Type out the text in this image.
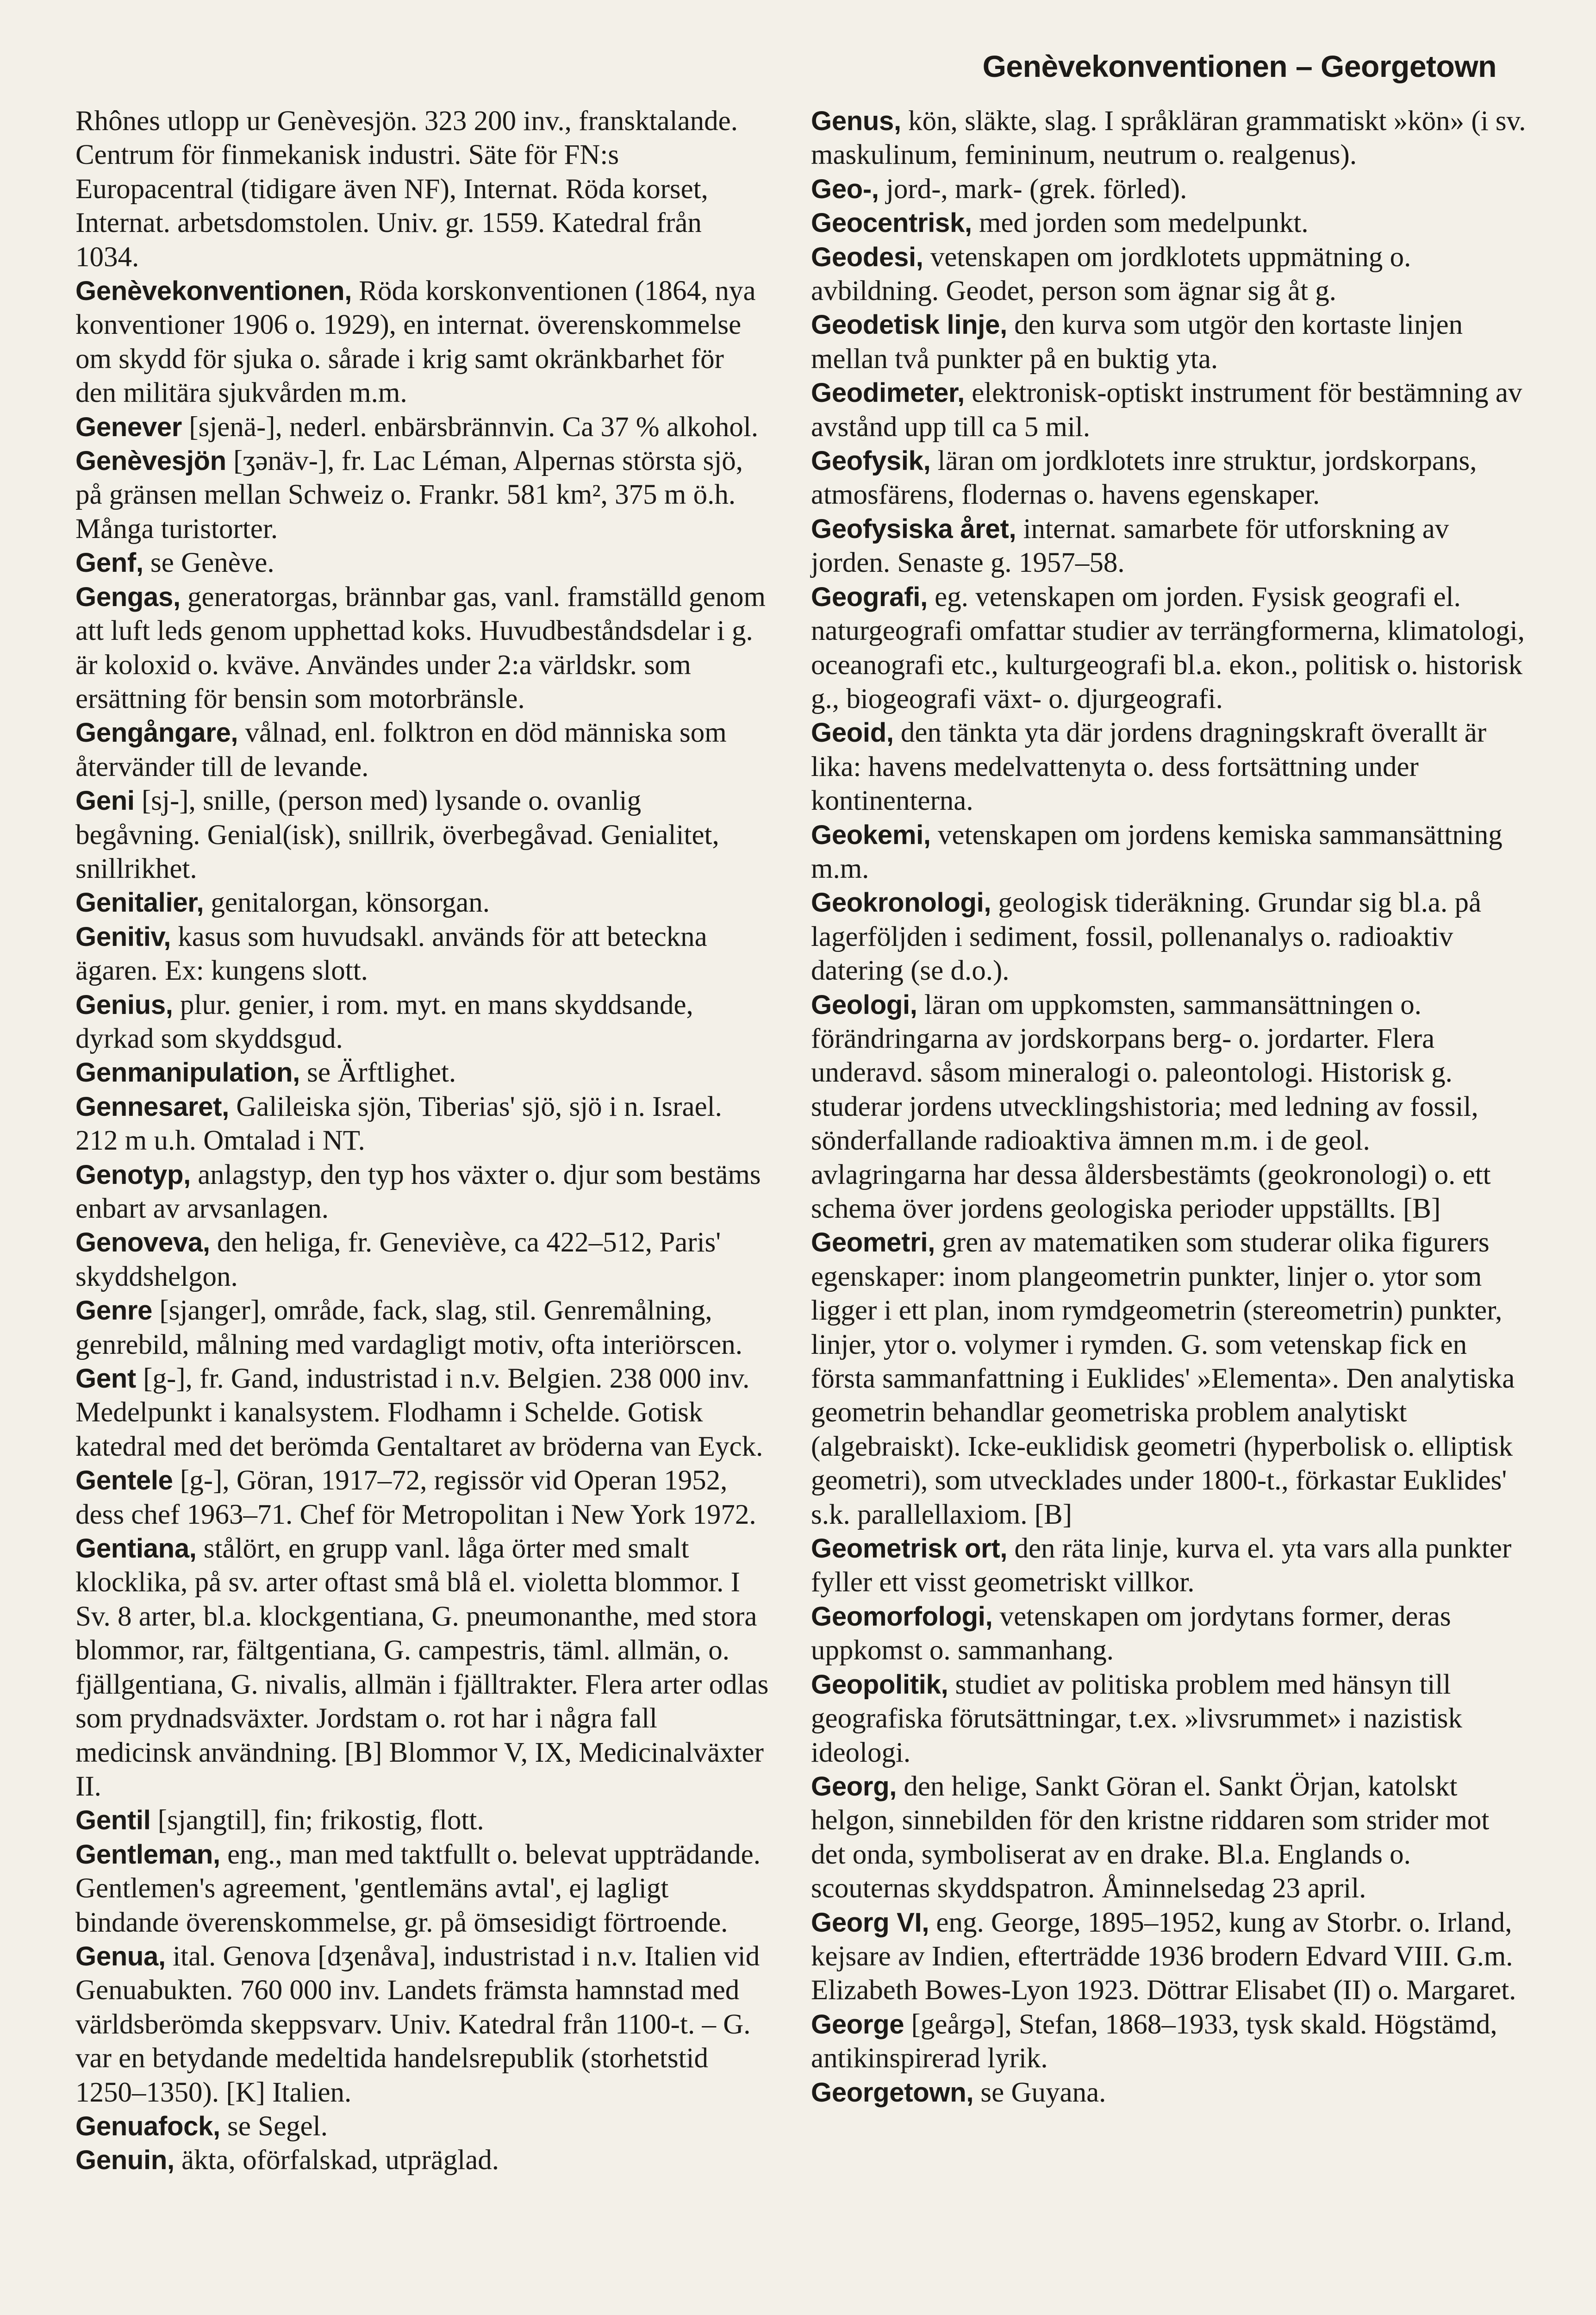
Genèvekonventionen – Georgetown

Rhônes utlopp ur Genèvesjön. 323 200 inv., fransktalande. Centrum för finmekanisk industri. Säte för FN:s Europacentral (tidigare även NF), Internat. Röda korset, Internat. arbetsdomstolen. Univ. gr. 1559. Katedral från 1034.

Genèvekonventionen, Röda korskonventionen (1864, nya konventioner 1906 o. 1929), en internat. överenskommelse om skydd för sjuka o. sårade i krig samt okränkbarhet för den militära sjukvården m.m.

Genever [sjenä-], nederl. enbärsbrännvin. Ca 37 % alkohol.

Genèvesjön [ʒənäv-], fr. Lac Léman, Alpernas största sjö, på gränsen mellan Schweiz o. Frankr. 581 km², 375 m ö.h. Många turistorter.

Genf, se Genève.

Gengas, generatorgas, brännbar gas, vanl. framställd genom att luft leds genom upphettad koks. Huvudbeståndsdelar i g. är koloxid o. kväve. Användes under 2:a världskr. som ersättning för bensin som motorbränsle.

Gengångare, vålnad, enl. folktron en död människa som återvänder till de levande.

Geni [sj-], snille, (person med) lysande o. ovanlig begåvning. Genial(isk), snillrik, överbegåvad. Genialitet, snillrikhet.

Genitalier, genitalorgan, könsorgan.

Genitiv, kasus som huvudsakl. används för att beteckna ägaren. Ex: kungens slott.

Genius, plur. genier, i rom. myt. en mans skyddsande, dyrkad som skyddsgud.

Genmanipulation, se Ärftlighet.

Gennesaret, Galileiska sjön, Tiberias' sjö, sjö i n. Israel. 212 m u.h. Omtalad i NT.

Genotyp, anlagstyp, den typ hos växter o. djur som bestäms enbart av arvsanlagen.

Genoveva, den heliga, fr. Geneviève, ca 422–512, Paris' skyddshelgon.

Genre [sjanger], område, fack, slag, stil. Genremålning, genrebild, målning med vardagligt motiv, ofta interiörscen.

Gent [g-], fr. Gand, industristad i n.v. Belgien. 238 000 inv. Medelpunkt i kanalsystem. Flodhamn i Schelde. Gotisk katedral med det berömda Gentaltaret av bröderna van Eyck.

Gentele [g-], Göran, 1917–72, regissör vid Operan 1952, dess chef 1963–71. Chef för Metropolitan i New York 1972.

Gentiana, stålört, en grupp vanl. låga örter med smalt klocklika, på sv. arter oftast små blå el. violetta blommor. I Sv. 8 arter, bl.a. klockgentiana, G. pneumonanthe, med stora blommor, rar, fältgentiana, G. campestris, täml. allmän, o. fjällgentiana, G. nivalis, allmän i fjälltrakter. Flera arter odlas som prydnadsväxter. Jordstam o. rot har i några fall medicinsk användning. [B] Blommor V, IX, Medicinalväxter II.

Gentil [sjangtil], fin; frikostig, flott.

Gentleman, eng., man med taktfullt o. belevat uppträdande. Gentlemen's agreement, 'gentlemäns avtal', ej lagligt bindande överenskommelse, gr. på ömsesidigt förtroende.

Genua, ital. Genova [dʒenåva], industristad i n.v. Italien vid Genuabukten. 760 000 inv. Landets främsta hamnstad med världsberömda skeppsvarv. Univ. Katedral från 1100-t. – G. var en betydande medeltida handelsrepublik (storhetstid 1250–1350). [K] Italien.

Genuafock, se Segel.

Genuin, äkta, oförfalskad, utpräglad.

Genus, kön, släkte, slag. I språkläran grammatiskt »kön» (i sv. maskulinum, femininum, neutrum o. realgenus).

Geo-, jord-, mark- (grek. förled).

Geocentrisk, med jorden som medelpunkt.

Geodesi, vetenskapen om jordklotets uppmätning o. avbildning. Geodet, person som ägnar sig åt g.

Geodetisk linje, den kurva som utgör den kortaste linjen mellan två punkter på en buktig yta.

Geodimeter, elektronisk-optiskt instrument för bestämning av avstånd upp till ca 5 mil.

Geofysik, läran om jordklotets inre struktur, jordskorpans, atmosfärens, flodernas o. havens egenskaper.

Geofysiska året, internat. samarbete för utforskning av jorden. Senaste g. 1957–58.

Geografi, eg. vetenskapen om jorden. Fysisk geografi el. naturgeografi omfattar studier av terrängformerna, klimatologi, oceanografi etc., kulturgeografi bl.a. ekon., politisk o. historisk g., biogeografi växt- o. djurgeografi.

Geoid, den tänkta yta där jordens dragningskraft överallt är lika: havens medelvattenyta o. dess fortsättning under kontinenterna.

Geokemi, vetenskapen om jordens kemiska sammansättning m.m.

Geokronologi, geologisk tideräkning. Grundar sig bl.a. på lagerföljden i sediment, fossil, pollenanalys o. radioaktiv datering (se d.o.).

Geologi, läran om uppkomsten, sammansättningen o. förändringarna av jordskorpans berg- o. jordarter. Flera underavd. såsom mineralogi o. paleontologi. Historisk g. studerar jordens utvecklingshistoria; med ledning av fossil, sönderfallande radioaktiva ämnen m.m. i de geol. avlagringarna har dessa åldersbestämts (geokronologi) o. ett schema över jordens geologiska perioder uppställts. [B]

Geometri, gren av matematiken som studerar olika figurers egenskaper: inom plangeometrin punkter, linjer o. ytor som ligger i ett plan, inom rymdgeometrin (stereometrin) punkter, linjer, ytor o. volymer i rymden. G. som vetenskap fick en första sammanfattning i Euklides' »Elementa». Den analytiska geometrin behandlar geometriska problem analytiskt (algebraiskt). Icke-euklidisk geometri (hyperbolisk o. elliptisk geometri), som utvecklades under 1800-t., förkastar Euklides' s.k. parallellaxiom. [B]

Geometrisk ort, den räta linje, kurva el. yta vars alla punkter fyller ett visst geometriskt villkor.

Geomorfologi, vetenskapen om jordytans former, deras uppkomst o. sammanhang.

Geopolitik, studiet av politiska problem med hänsyn till geografiska förutsättningar, t.ex. »livsrummet» i nazistisk ideologi.

Georg, den helige, Sankt Göran el. Sankt Örjan, katolskt helgon, sinnebilden för den kristne riddaren som strider mot det onda, symboliserat av en drake. Bl.a. Englands o. scouternas skyddspatron. Åminnelsedag 23 april.

Georg VI, eng. George, 1895–1952, kung av Storbr. o. Irland, kejsare av Indien, efterträdde 1936 brodern Edvard VIII. G.m. Elizabeth Bowes-Lyon 1923. Döttrar Elisabet (II) o. Margaret.

George [geårgə], Stefan, 1868–1933, tysk skald. Högstämd, antikinspirerad lyrik.

Georgetown, se Guyana.
